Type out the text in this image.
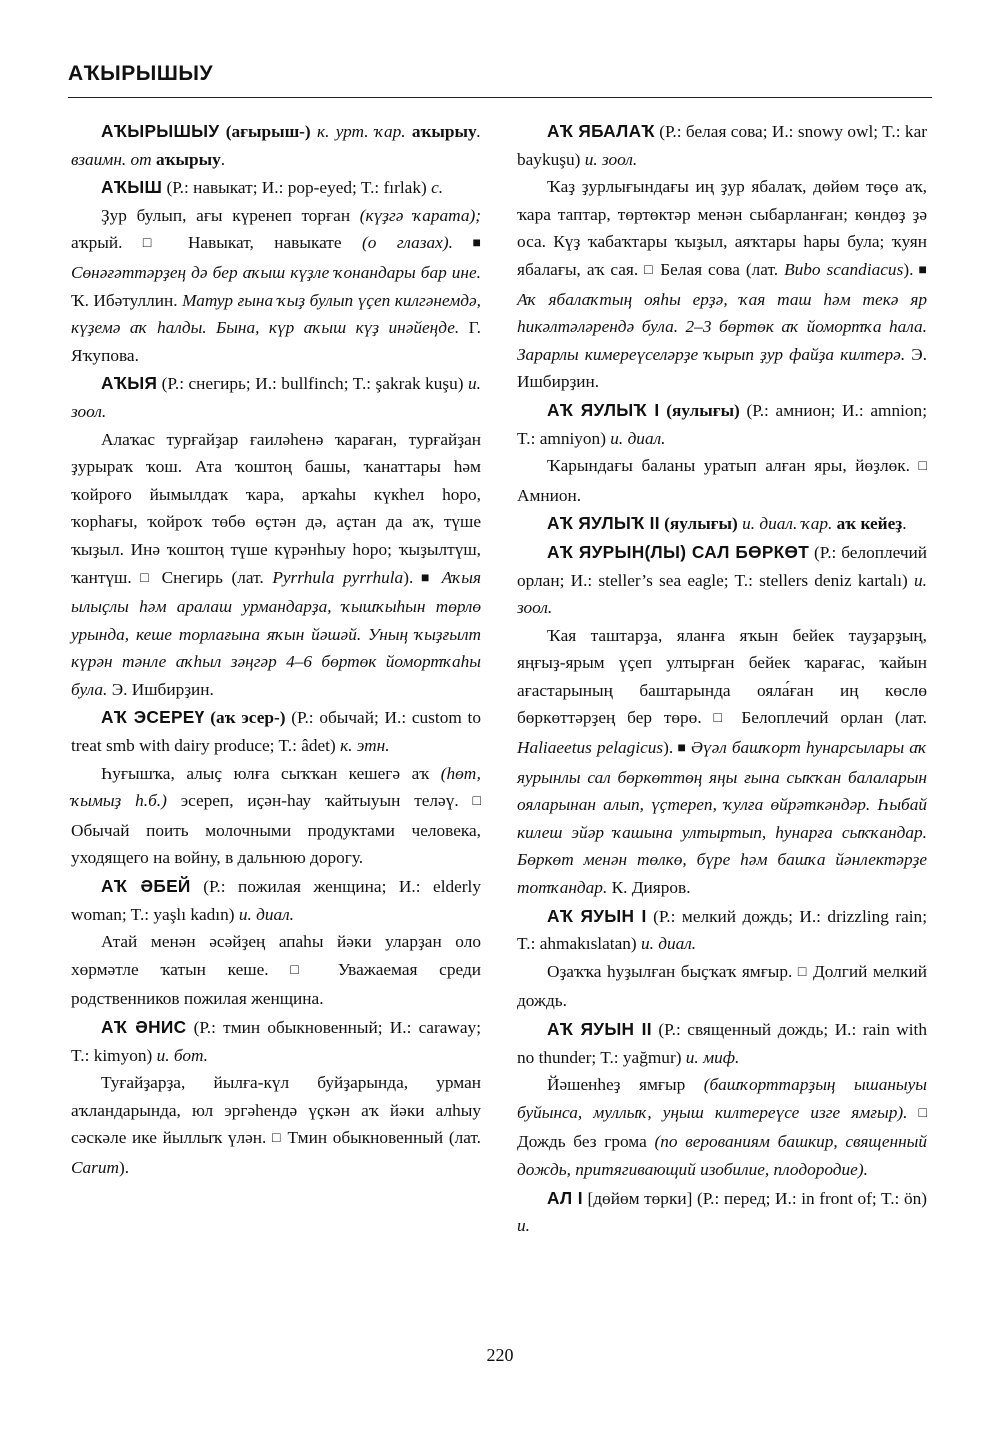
АҠЫРЫШЫУ

АҠЫРЫШЫУ (ағырыш-) к. урт. ҡар. аҡырыу. взаимн. от аҡырыу.

АҠЫШ (Р.: навыкат; И.: pop-eyed; T.: fırlak) с.

Ҙур булып, ағы күренеп торған (күҙгә ҡарата); аҡрый. □ Навыкат, навыкате (о глазах). ■ Сөнәғәттәрҙең дә бер аҡыш күҙле ҡонандары бар ине. Ҡ. Ибәтуллин. Матур ғына ҡыҙ булып үҫеп килгәнемдә, күҙемә аҡ һалды. Бына, күр аҡыш күҙ инәйеңде. Г. Яҡупова.

АҠЫЯ (Р.: снегирь; И.: bullfinch; T.: şakrak kuşu) и. зоол.

Алаҡас турғайҙар ғаиләһенә ҡараған, турғайҙан ҙурыраҡ ҡош. Ата ҡоштоң башы, ҡанаттары һәм ҡойроғо йымылдаҡ ҡара, арҡаһы күкһел һоро, ҡорһағы, ҡойроҡ төбө өҫтән дә, аҫтан да аҡ, түше ҡыҙыл. Инә ҡоштоң түше күрәнһыу һоро; ҡыҙылтүш, ҡантүш. □ Снегирь (лат. Pyrrhula pyrrhula). ■ Аҡыя ылыҫлы һәм аралаш урмандарҙа, ҡышҡыһын төрлө урында, кеше торлағына яҡын йәшәй. Уның ҡыҙғылт күрән тәнле аҡһыл зәңгәр 4–6 бөртөк йомортҡаһы була. Э. Ишбирҙин.

АҠ ЭСЕРЕҮ (аҡ эсер-) (Р.: обычай; И.: custom to treat smb with dairy produce; T.: âdet) к. этн.

Һуғышҡа, алыҫ юлға сыҡҡан кешегә аҡ (һөт, ҡымыҙ һ.б.) эсереп, иҫән-һау ҡайтыуын теләү. □ Обычай поить молочными продуктами человека, уходящего на войну, в дальнюю дорогу.

АҠ ӘБЕЙ (Р.: пожилая женщина; И.: elderly woman; T.: yaşlı kadın) и. диал.

Атай менән әсәйҙең апаһы йәки уларҙан оло хөрмәтле ҡатын кеше. □ Уважаемая среди родственников пожилая женщина.

АҠ ӘНИС (Р.: тмин обыкновенный; И.: caraway; T.: kimyon) и. бот.

Туғайҙарҙа, йылға-күл буйҙарында, урман аҡландарында, юл эргәһендә үҫкән аҡ йәки алһыу сәскәле ике йыллыҡ үлән. □ Тмин обыкновенный (лат. Carum).

АҠ ЯБАЛАҠ (Р.: белая сова; И.: snowy owl; T.: kar baykuşu) и. зоол.

Ҡаҙ ҙурлығындағы иң ҙур ябалаҡ, дөйөм төҫө аҡ, ҡара таптар, төртөктәр менән сыбарланған; көндөҙ ҙә оса. Күҙ ҡабаҡтары ҡыҙыл, аяҡтары һары була; ҡуян ябалағы, аҡ сая. □ Белая сова (лат. Bubo scandiacus). ■ Аҡ ябалаҡтың ояһы ерҙә, ҡая таш һәм текә яр һикәлтәләрендә була. 2–3 бөртөк аҡ йомортҡа һала. Зарарлы кимереүселәрҙе ҡырып ҙур файҙа килтерә. Э. Ишбирҙин.

АҠ ЯУЛЫҠ I (яулығы) (Р.: амнион; И.: amnion; T.: amniyon) и. диал.

Ҡарындағы баланы уратып алған яры, йөҙлөк. □ Амнион.

АҠ ЯУЛЫҠ II (яулығы) и. диал. ҡар. аҡ кейеҙ.

АҠ ЯУРЫН(ЛЫ) САЛ БӨРКӨТ (Р.: белоплечий орлан; И.: steller’s sea eagle; T.: stellers deniz kartalı) и. зоол.

Ҡая таштарҙа, яланға яҡын бейек тауҙарҙың, яңғыҙ-ярым үҫеп ултырған бейек ҡарағас, ҡайын ағастарының баштарында ояла́ған иң көслө бөркөттәрҙең бер төрө. □ Белоплечий орлан (лат. Haliaeetus pelagicus). ■ Әүәл башҡорт һунарсылары аҡ яурынлы сал бөркөттөң яңы ғына сыҡҡан балаларын ояларынан алып, үҫтереп, ҡулға өйрәткәндәр. Һыбай килеш эйәр ҡашына ултыртып, һунарға сыҡҡандар. Бөркөт менән төлкө, бүре һәм башҡа йәнлектәрҙе тотҡандар. К. Дияров.

АҠ ЯУЫН I (Р.: мелкий дождь; И.: drizzling rain; T.: ahmakıslatan) и. диал.

Оҙаҡҡа һуҙылған быҫҡаҡ ямғыр. □ Долгий мелкий дождь.

АҠ ЯУЫН II (Р.: священный дождь; И.: rain with no thunder; T.: yağmur) и. миф.

Йәшенһеҙ ямғыр (башҡорттарҙың ышаныуы буйынса, муллыҡ, уңыш килтереүсе изге ямғыр). □ Дождь без грома (по верованиям башкир, священный дождь, притягивающий изобилие, плодородие).

АЛ I [дөйөм төрки] (Р.: перед; И.: in front of; T.: ön) и.

220
